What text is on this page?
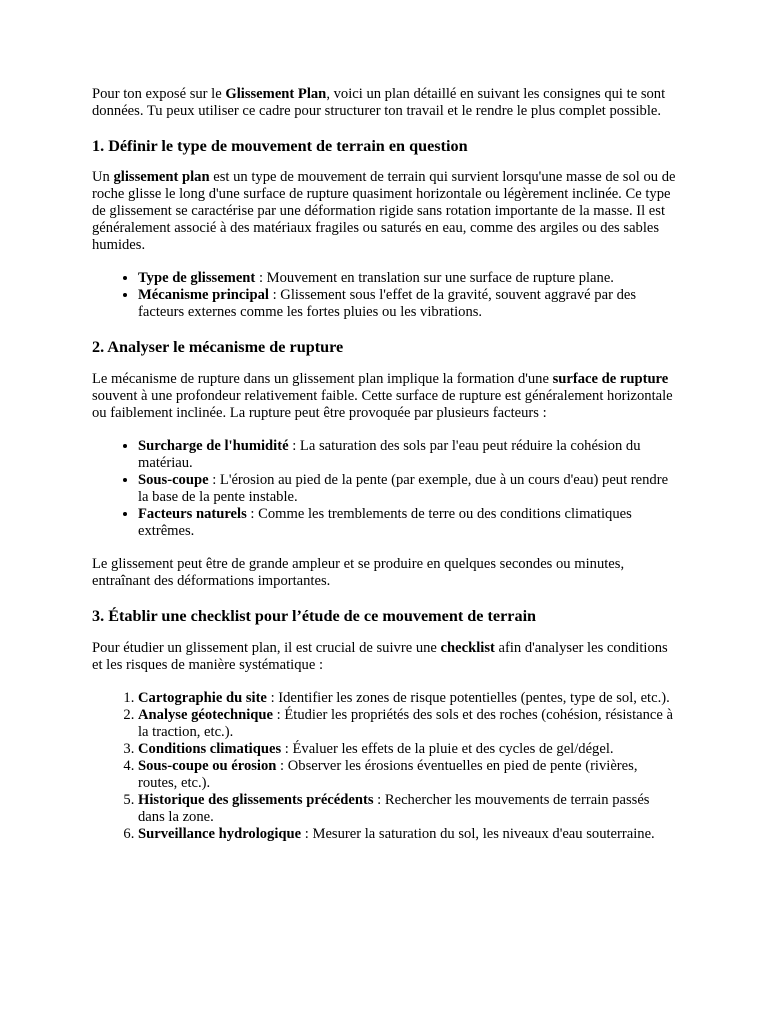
Pour ton exposé sur le Glissement Plan, voici un plan détaillé en suivant les consignes qui te sont données. Tu peux utiliser ce cadre pour structurer ton travail et le rendre le plus complet possible.

1. Définir le type de mouvement de terrain en question

Un glissement plan est un type de mouvement de terrain qui survient lorsqu'une masse de sol ou de roche glisse le long d'une surface de rupture quasiment horizontale ou légèrement inclinée. Ce type de glissement se caractérise par une déformation rigide sans rotation importante de la masse. Il est généralement associé à des matériaux fragiles ou saturés en eau, comme des argiles ou des sables humides.

• Type de glissement : Mouvement en translation sur une surface de rupture plane.
• Mécanisme principal : Glissement sous l'effet de la gravité, souvent aggravé par des facteurs externes comme les fortes pluies ou les vibrations.
2. Analyser le mécanisme de rupture

Le mécanisme de rupture dans un glissement plan implique la formation d'une surface de rupture souvent à une profondeur relativement faible. Cette surface de rupture est généralement horizontale ou faiblement inclinée. La rupture peut être provoquée par plusieurs facteurs :

• Surcharge de l'humidité : La saturation des sols par l'eau peut réduire la cohésion du matériau.
• Sous-coupe : L'érosion au pied de la pente (par exemple, due à un cours d'eau) peut rendre la base de la pente instable.
• Facteurs naturels : Comme les tremblements de terre ou des conditions climatiques extrêmes.

Le glissement peut être de grande ampleur et se produire en quelques secondes ou minutes, entraînant des déformations importantes.

3. Établir une checklist pour l’étude de ce mouvement de terrain

Pour étudier un glissement plan, il est crucial de suivre une checklist afin d'analyser les conditions et les risques de manière systématique :

1. Cartographie du site : Identifier les zones de risque potentielles (pentes, type de sol, etc.).
2. Analyse géotechnique : Étudier les propriétés des sols et des roches (cohésion, résistance à la traction, etc.).
3. Conditions climatiques : Évaluer les effets de la pluie et des cycles de gel/dégel.
4. Sous-coupe ou érosion : Observer les érosions éventuelles en pied de pente (rivières, routes, etc.).
5. Historique des glissements précédents : Rechercher les mouvements de terrain passés dans la zone.
6. Surveillance hydrologique : Mesurer la saturation du sol, les niveaux d'eau souterraine.
